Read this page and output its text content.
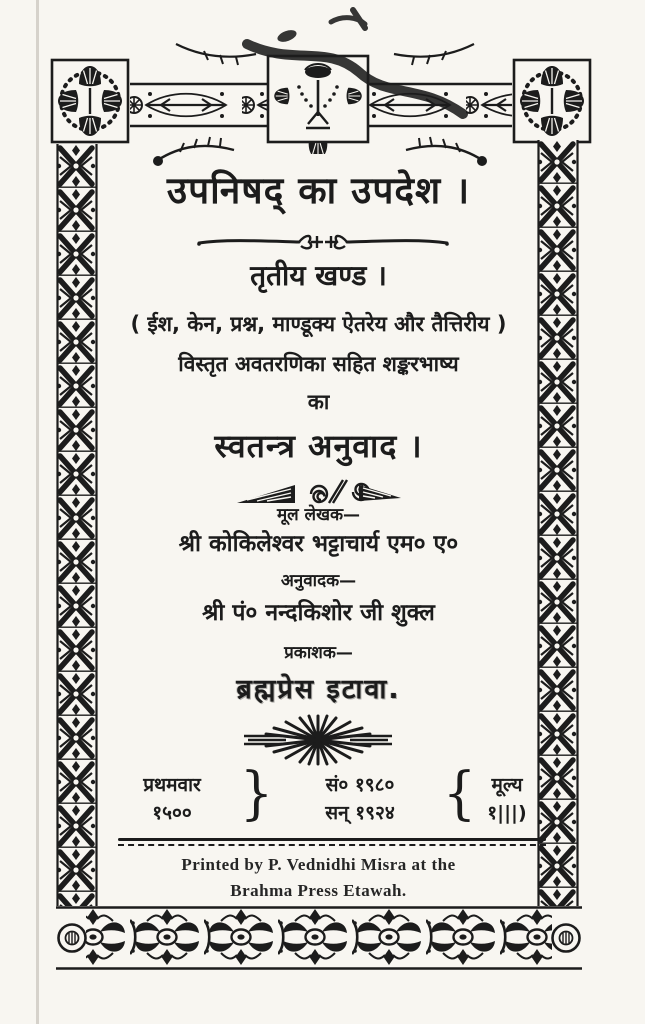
उपनिषद् का उपदेश ।
तृतीय खण्ड ।
( ईश, केन, प्रश्न, माण्डूक्य ऐतरेय और तैत्तिरीय )
विस्तृत अवतरणिका सहित शङ्करभाष्य
का
स्वतन्त्र अनुवाद ।
मूल लेखक—
श्री कोकिलेश्वर भट्टाचार्य एम० ए०
अनुवादक—
श्री पं० नन्दकिशोर जी शुक्ल
प्रकाशक—
ब्रह्मप्रेस इटावा.
प्रथमवार
१५०० }	सं० १९८०
सन् १९२४ { मूल्य
१|||)
Printed by P. Vednidhi Misra at the
Brahma Press Etawah.
